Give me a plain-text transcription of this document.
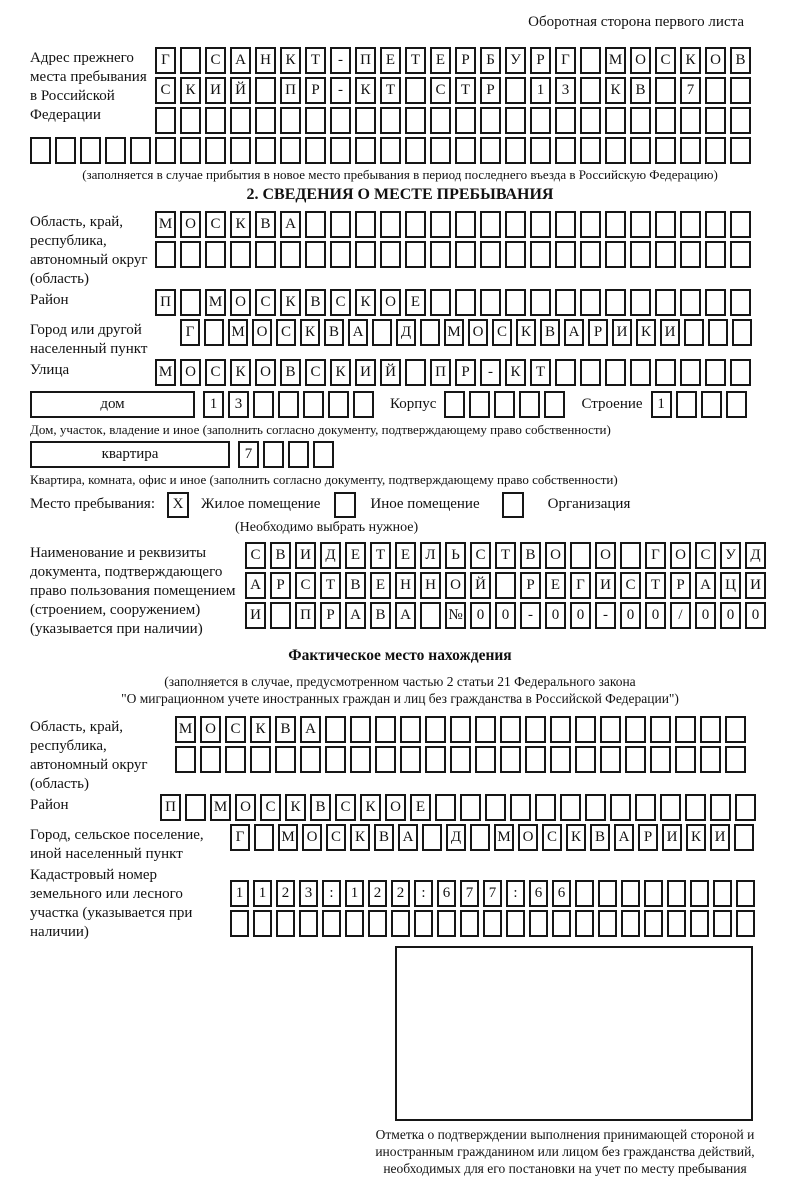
Оборотная сторона первого листа
Адрес прежнего места пребывания в Российской Федерации
Г	С А Н К	Т	-	П Е	Т	Е	Р	Б	У	Р	Г	М О С К О В
С К И Й	П	Р	-	К	Т	С	Т	Р	1	3	К В	7
(заполняется в случае прибытия в новое место пребывания в период последнего въезда в Российскую Федерацию)
2. СВЕДЕНИЯ О МЕСТЕ ПРЕБЫВАНИЯ
Область, край, республика, автономный округ (область)
М О С К В А
Район	П	М О С К В С К О Е
Город или другой населенный пункт
Г	М О С К В А	Д	М О С К В А Р И К И
Улица	М О С К О В С К И Й	П	Р	-	К	Т
дом	1	3	Корпус	Строение 1
Дом, участок, владение и иное (заполнить согласно документу, подтверждающему право собственности)
квартира	7
Квартира, комната, офис и иное (заполнить согласно документу, подтверждающему право собственности)
Место пребывания:	X	Жилое помещение	Иное помещение	Организация
(Необходимо выбрать нужное)
Наименование и реквизиты документа, подтверждающего право пользования помещением (строением, сооружением) (указывается при наличии)
С В И Д	Е	Т	Е	Л	Ь	С	Т	В О	О	Г	О С У Д
А	Р	С	Т	В	Е	Н Н О Й	Р	Е	Г	И С	Т	Р	А Ц И
И	П	Р	А В А	№ 0	0	-	0	0	-	0	0	/	0	0	0
Фактическое место нахождения
(заполняется в случае, предусмотренном частью 2 статьи 21 Федерального закона
"О миграционном учете иностранных граждан и лиц без гражданства в Российской Федерации")
Область, край, республика, автономный округ (область)
М О С К В А
Район	П	М О С К В С К О Е
Город, сельское поселение, иной населенный пункт
Г	М О С К В А	Д	М О С К В А Р И К И
Кадастровый номер земельного или лесного участка (указывается при наличии)
1	1	2	3	:	1	2	2	:	6	7	7	:	6	6
Отметка о подтверждении выполнения принимающей стороной и иностранным гражданином или лицом без гражданства действий, необходимых для его постановки на учет по месту пребывания
